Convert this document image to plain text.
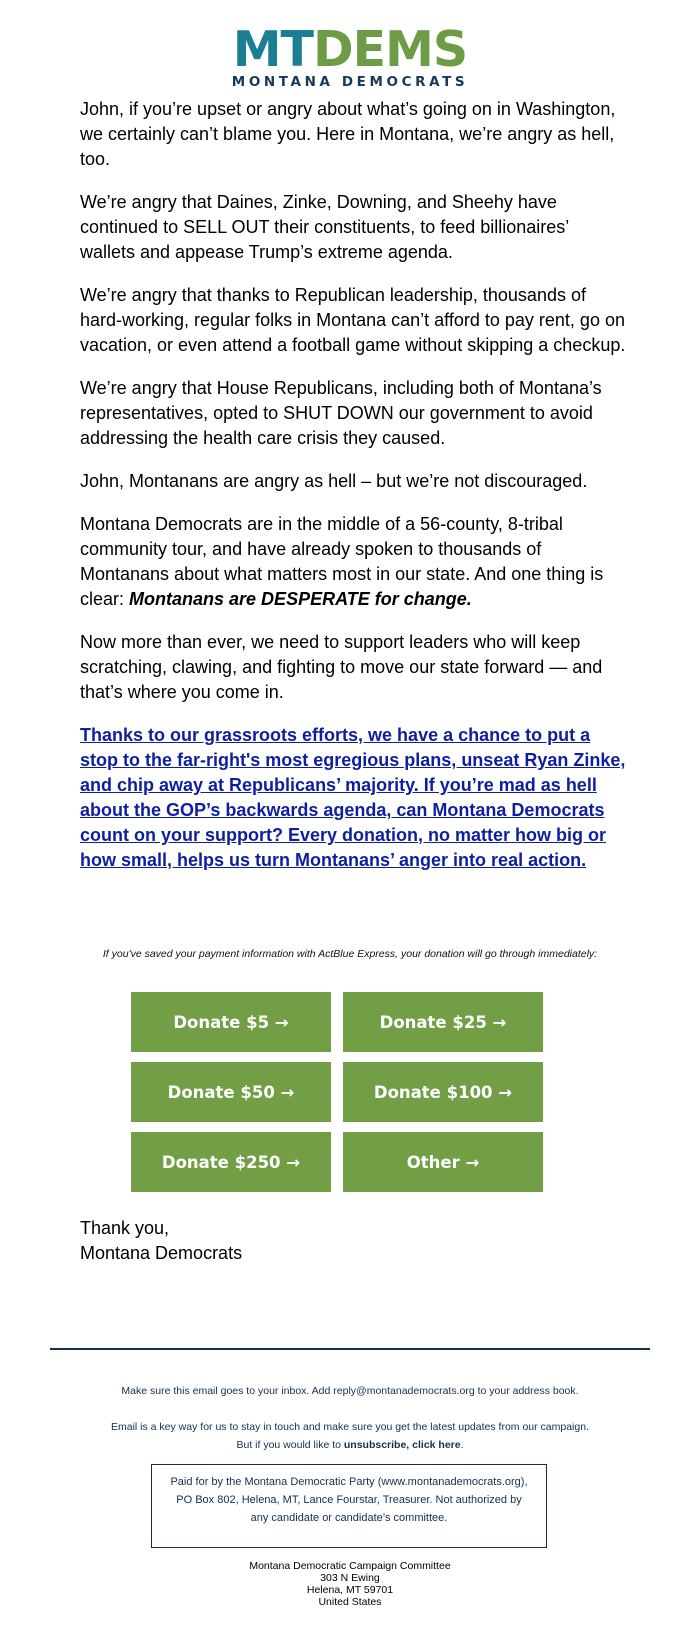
MTDEMS
MONTANA DEMOCRATS

John, if you’re upset or angry about what’s going on in Washington, we certainly can’t blame you. Here in Montana, we’re angry as hell, too.

We’re angry that Daines, Zinke, Downing, and Sheehy have continued to SELL OUT their constituents, to feed billionaires’ wallets and appease Trump’s extreme agenda.

We’re angry that thanks to Republican leadership, thousands of hard-working, regular folks in Montana can’t afford to pay rent, go on vacation, or even attend a football game without skipping a checkup.

We’re angry that House Republicans, including both of Montana’s representatives, opted to SHUT DOWN our government to avoid addressing the health care crisis they caused.

John, Montanans are angry as hell – but we’re not discouraged.

Montana Democrats are in the middle of a 56-county, 8-tribal community tour, and have already spoken to thousands of Montanans about what matters most in our state. And one thing is clear: Montanans are DESPERATE for change.

Now more than ever, we need to support leaders who will keep scratching, clawing, and fighting to move our state forward — and that’s where you come in.

Thanks to our grassroots efforts, we have a chance to put a stop to the far-right's most egregious plans, unseat Ryan Zinke, and chip away at Republicans’ majority. If you’re mad as hell about the GOP’s backwards agenda, can Montana Democrats count on your support? Every donation, no matter how big or how small, helps us turn Montanans’ anger into real action.
If you've saved your payment information with ActBlue Express, your donation will go through immediately:
Donate $5 →	Donate $25 →
Donate $50 →	Donate $100 →
Donate $250 →	Other →
Thank you,
Montana Democrats
Make sure this email goes to your inbox. Add reply@montanademocrats.org to your address book.
Email is a key way for us to stay in touch and make sure you get the latest updates from our campaign.
But if you would like to unsubscribe, click here.
Paid for by the Montana Democratic Party (www.montanademocrats.org), PO Box 802, Helena, MT, Lance Fourstar, Treasurer. Not authorized by any candidate or candidate’s committee.
Montana Democratic Campaign Committee
303 N Ewing
Helena, MT 59701
United States
